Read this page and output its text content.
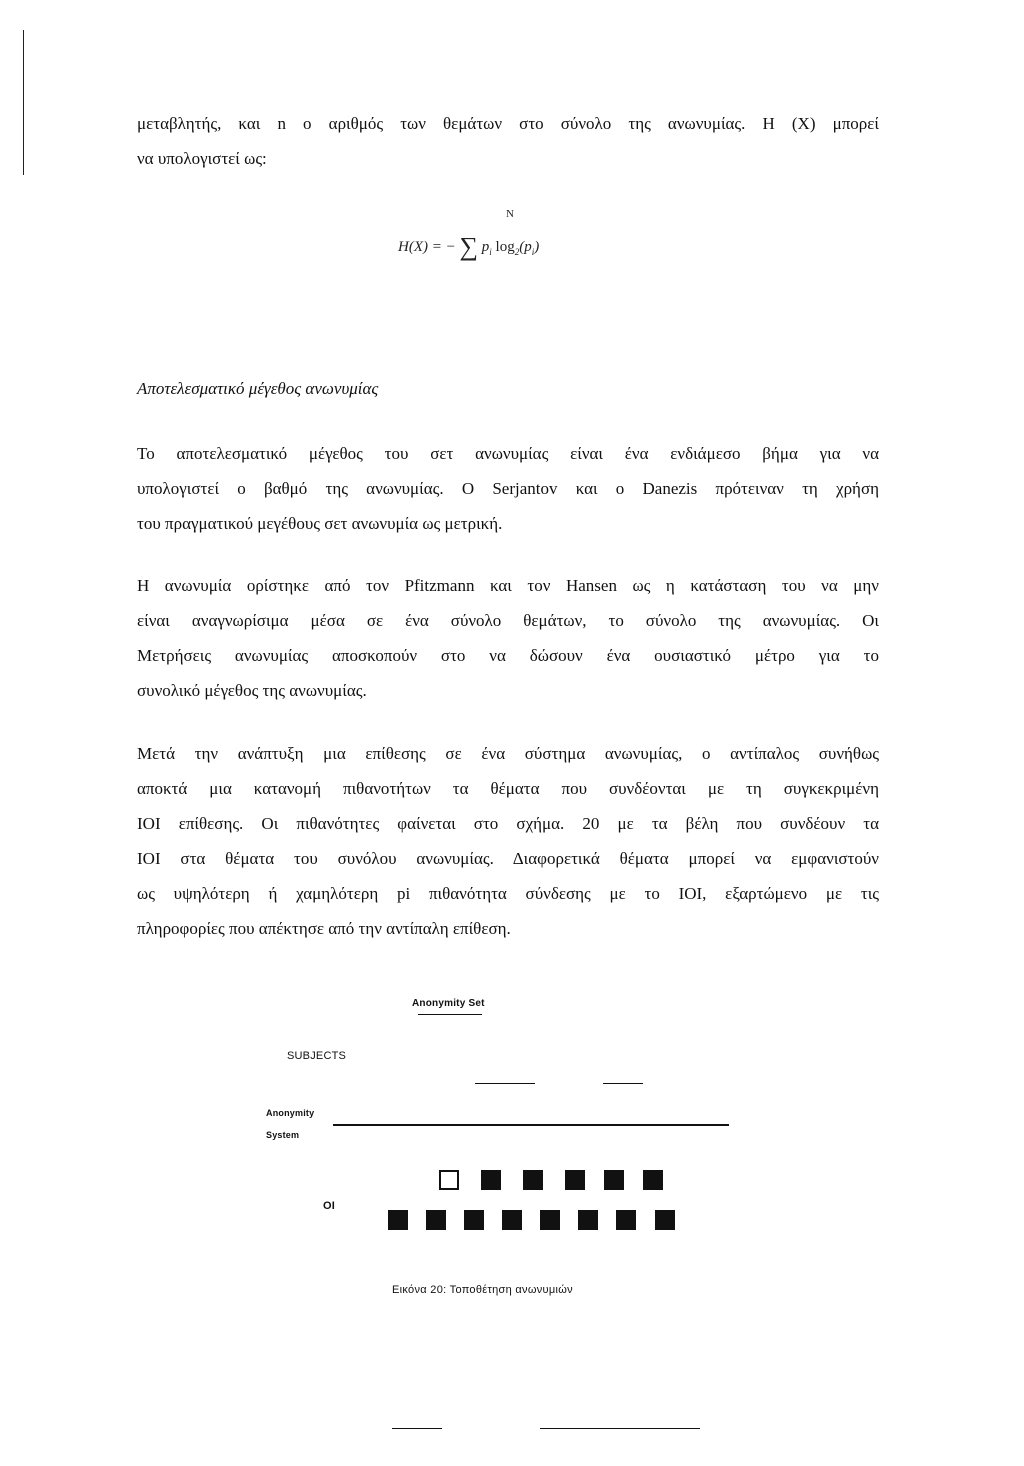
μεταβλητής, και n ο αριθμός των θεμάτων στο σύνολο της ανωνυμίας. Η (Χ) μπορεί
να υπολογιστεί ως:
N
H(X) = − ∑ $p_i$ $\log_2(p_i)$
Αποτελεσματικό μέγεθος ανωνυμίας
Το αποτελεσματικό μέγεθος του σετ ανωνυμίας είναι ένα ενδιάμεσο βήμα για να
υπολογιστεί ο βαθμό της ανωνυμίας. Ο Serjantov και ο Danezis πρότειναν τη χρήση
του πραγματικού μεγέθους σετ ανωνυμία ως μετρική.
Η ανωνυμία ορίστηκε από τον Pfitzmann και τον Hansen ως η κατάσταση του να μην
είναι αναγνωρίσιμα μέσα σε ένα σύνολο θεμάτων, το σύνολο της ανωνυμίας. Οι
Μετρήσεις ανωνυμίας αποσκοπούν στο να δώσουν ένα ουσιαστικό μέτρο για το
συνολικό μέγεθος της ανωνυμίας.
Μετά την ανάπτυξη μια επίθεσης σε ένα σύστημα ανωνυμίας, ο αντίπαλος συνήθως
αποκτά μια κατανομή πιθανοτήτων τα θέματα που συνδέονται με τη συγκεκριμένη
ΙΟΙ επίθεσης. Οι πιθανότητες φαίνεται στο σχήμα. 20 με τα βέλη που συνδέουν τα
ΙΟΙ στα θέματα του συνόλου ανωνυμίας. Διαφορετικά θέματα μπορεί να εμφανιστούν
ως υψηλότερη ή χαμηλότερη pi πιθανότητα σύνδεσης με το ΙΟΙ, εξαρτώμενο με τις
πληροφορίες που απέκτησε από την αντίπαλη επίθεση.
Anonymity Set
SUBJECTS
Anonymity
System
OI
Εικόνα 20: Τοποθέτηση ανωνυμιών
